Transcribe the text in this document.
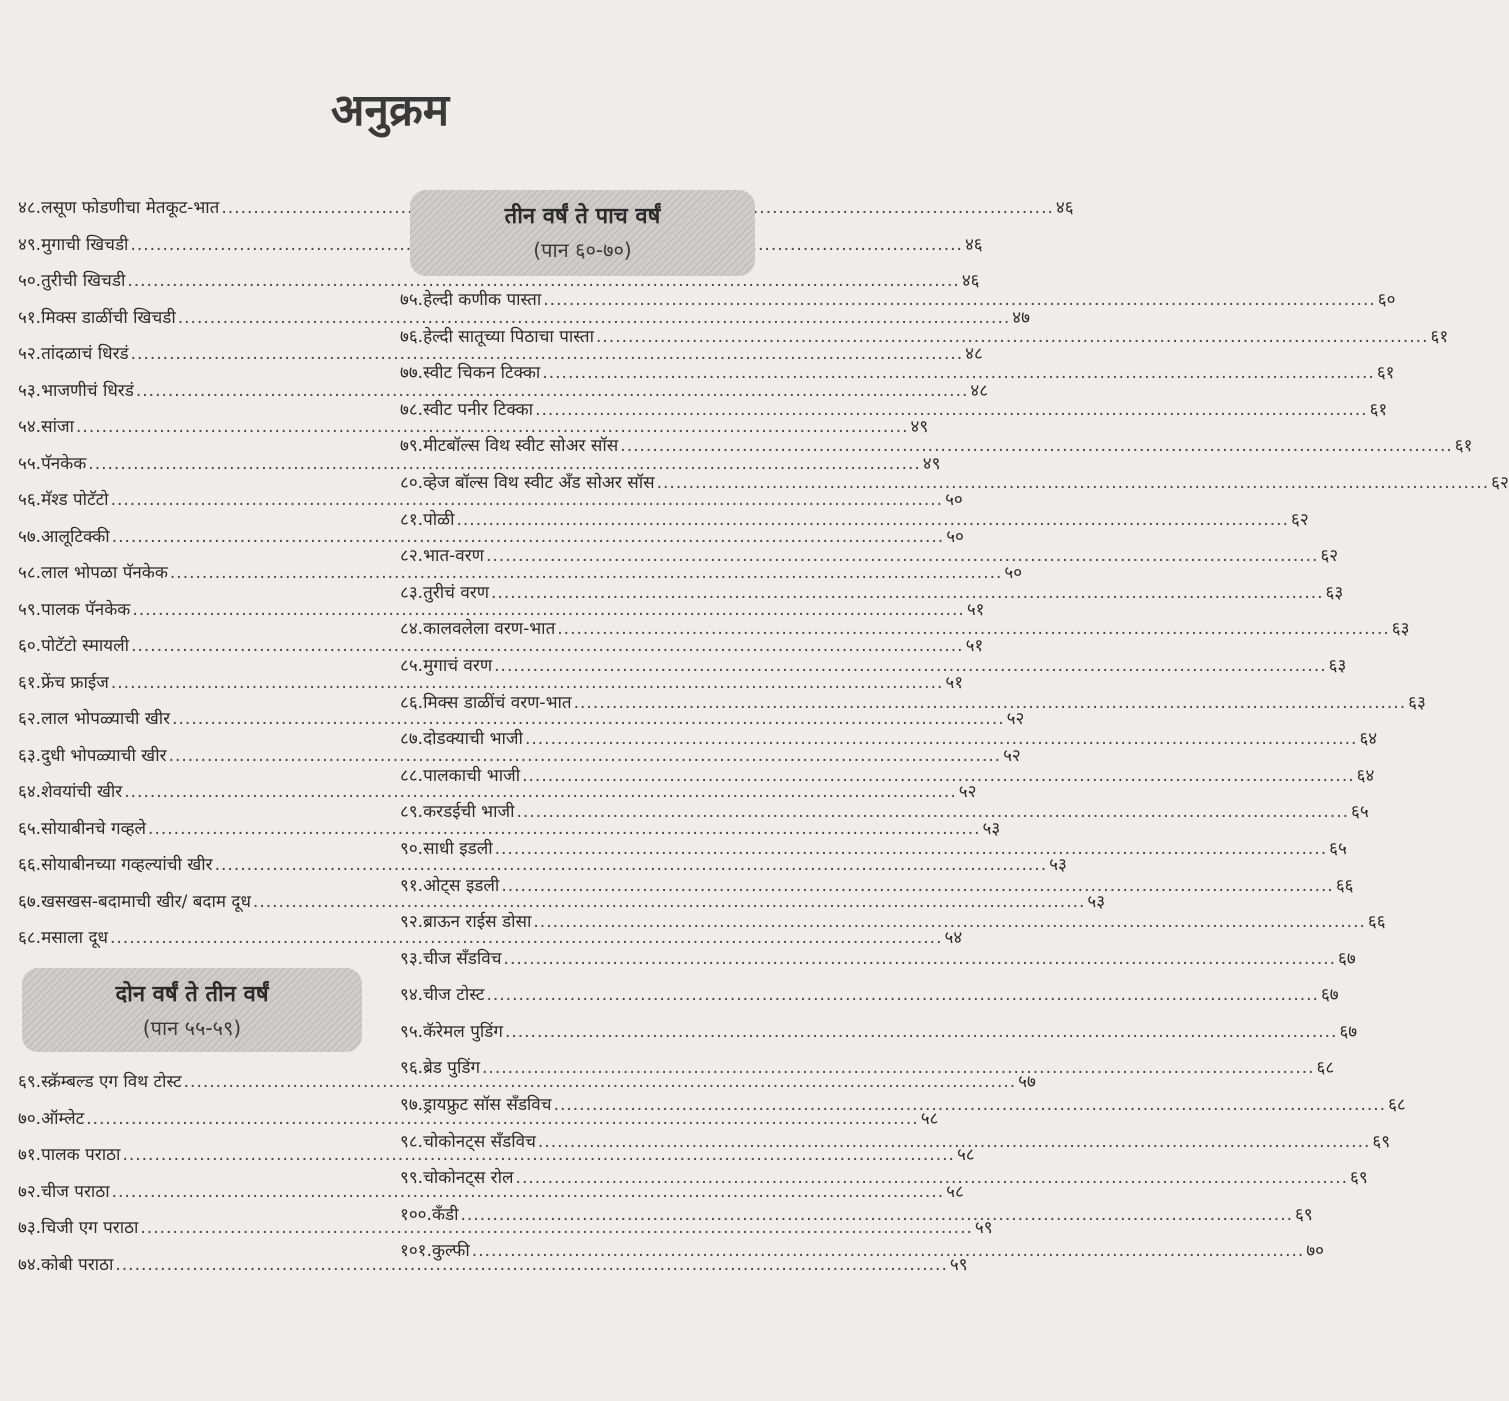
अनुक्रम
४८. लसूण फोडणीचा मेतकूट-भात .....	४६
४९. मुगाची खिचडी .....	४६
५०. तुरीची खिचडी .....	४६
५१. मिक्स डाळींची खिचडी .....	४७
५२. तांदळाचं धिरडं .....	४८
५३. भाजणीचं धिरडं .....	४८
५४. सांजा .....	४९
५५. पॅनकेक .....	४९
५६. मॅश्ड पोटॅटो .....	५०
५७. आलूटिक्की .....	५०
५८. लाल भोपळा पॅनकेक .....	५०
५९. पालक पॅनकेक .....	५१
६०. पोटॅटो स्मायली .....	५१
६१. फ्रेंच फ्राईज .....	५१
६२. लाल भोपळ्याची खीर .....	५२
६३. दुधी भोपळ्याची खीर .....	५२
६४. शेवयांची खीर .....	५२
६५. सोयाबीनचे गव्हले .....	५३
६६. सोयाबीनच्या गव्हल्यांची खीर .....	५३
६७. खसखस-बदामाची खीर/ बदाम दूध .....	५३
६८. मसाला दूध .....	५४
दोन वर्षं ते तीन वर्षं
(पान ५५-५९)
६९. स्क्रॅम्बल्ड एग विथ टोस्ट .....	५७
७०. ऑम्लेट .....	५८
७१. पालक पराठा .....	५८
७२. चीज पराठा .....	५८
७३. चिजी एग पराठा .....	५९
७४. कोबी पराठा .....	५९
तीन वर्षं ते पाच वर्षं
(पान ६०-७०)
७५. हेल्दी कणीक पास्ता .....	६०
७६. हेल्दी सातूच्या पिठाचा पास्ता .....	६१
७७. स्वीट चिकन टिक्का .....	६१
७८. स्वीट पनीर टिक्का .....	६१
७९. मीटबॉल्स विथ स्वीट सोअर सॉस .....	६१
८०. व्हेज बॉल्स विथ स्वीट अँड सोअर सॉस .....	६२
८१. पोळी .....	६२
८२. भात-वरण .....	६२
८३. तुरीचं वरण .....	६३
८४. कालवलेला वरण-भात .....	६३
८५. मुगाचं वरण .....	६३
८६. मिक्स डाळींचं वरण-भात .....	६३
८७. दोडक्याची भाजी .....	६४
८८. पालकाची भाजी .....	६४
८९. करडईची भाजी .....	६५
९०. साधी इडली .....	६५
९१. ओट्स इडली .....	६६
९२. ब्राऊन राईस डोसा .....	६६
९३. चीज सँडविच .....	६७
९४. चीज टोस्ट .....	६७
९५. कॅरेमल पुडिंग .....	६७
९६. ब्रेड पुडिंग .....	६८
९७. ड्रायफ्रुट सॉस सँडविच .....	६८
९८. चोकोनट्स सँडविच .....	६९
९९. चोकोनट्स रोल .....	६९
१००. कँडी .....	६९
१०१. कुल्फी .....	७०
